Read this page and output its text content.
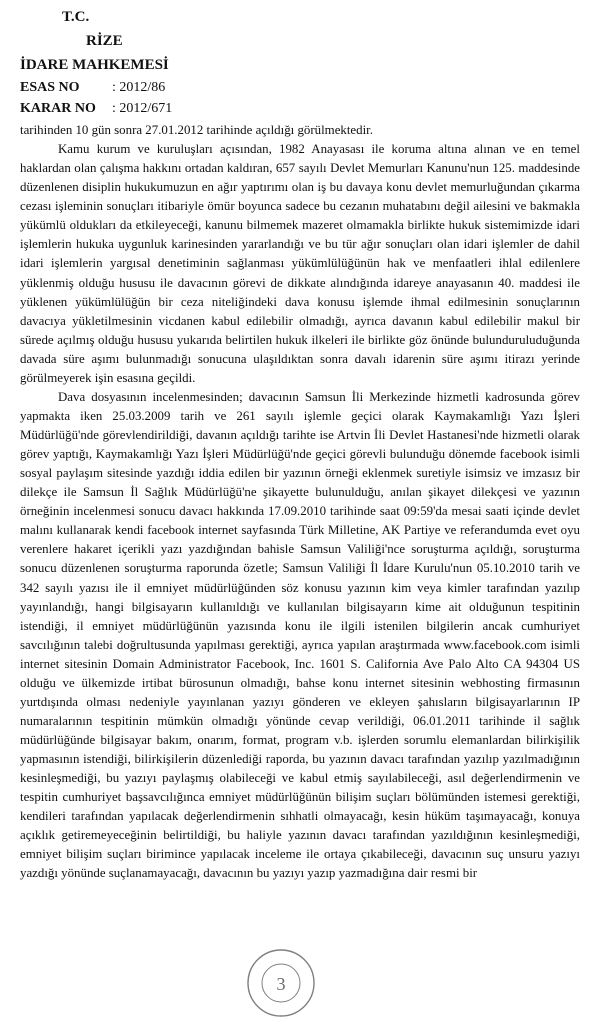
T.C.
RİZE
İDARE MAHKEMESİ
ESAS NO : 2012/86
KARAR NO : 2012/671

tarihinden 10 gün sonra 27.01.2012 tarihinde açıldığı görülmektedir.

Kamu kurum ve kuruluşları açısından, 1982 Anayasası ile koruma altına alınan ve en temel haklardan olan çalışma hakkını ortadan kaldıran, 657 sayılı Devlet Memurları Kanunu'nun 125. maddesinde düzenlenen disiplin hukukumuzun en ağır yaptırımı olan iş bu davaya konu devlet memurluğundan çıkarma cezası işleminin sonuçları itibariyle ömür boyunca sadece bu cezanın muhatabını değil ailesini ve bakmakla yükümlü oldukları da etkileyeceği, kanunu bilmemek mazeret olmamakla birlikte hukuk sistemimizde idari işlemlerin hukuka uygunluk karinesinden yararlandığı ve bu tür ağır sonuçları olan idari işlemler de dahil idari işlemlerin yargısal denetiminin sağlanması yükümlülüğünün hak ve menfaatleri ihlal edilenlere yüklenmiş olduğu hususu ile davacının görevi de dikkate alındığında idareye anayasanın 40. maddesi ile yüklenen yükümlülüğün bir ceza niteliğindeki dava konusu işlemde ihmal edilmesinin sonuçlarının davacıya yükletilmesinin vicdanen kabul edilebilir olmadığı, ayrıca davanın kabul edilebilir makul bir sürede açılmış olduğu hususu yukarıda belirtilen hukuk ilkeleri ile birlikte göz önünde bulunduruluduğunda davada süre aşımı bulunmadığı sonucuna ulaşıldıktan sonra davalı idarenin süre aşımı itirazı yerinde görülmeyerek işin esasına geçildi.

Dava dosyasının incelenmesinden; davacının Samsun İli Merkezinde hizmetli kadrosunda görev yapmakta iken 25.03.2009 tarih ve 261 sayılı işlemle geçici olarak Kaymakamlığı Yazı İşleri Müdürlüğü'nde görevlendirildiği, davanın açıldığı tarihte ise Artvin İli Devlet Hastanesi'nde hizmetli olarak görev yaptığı, Kaymakamlığı Yazı İşleri Müdürlüğü'nde geçici görevli bulunduğu dönemde facebook isimli sosyal paylaşım sitesinde yazdığı iddia edilen bir yazının örneği eklenmek suretiyle isimsiz ve imzasız bir dilekçe ile Samsun İl Sağlık Müdürlüğü'ne şikayette bulunulduğu, anılan şikayet dilekçesi ve yazının örneğinin incelenmesi sonucu davacı hakkında 17.09.2010 tarihinde saat 09:59'da mesai saati içinde devlet malını kullanarak kendi facebook internet sayfasında Türk Milletine, AK Partiye ve referandumda evet oyu verenlere hakaret içerikli yazı yazdığından bahisle Samsun Valiliği'nce soruşturma açıldığı, soruşturma sonucu düzenlenen soruşturma raporunda özetle; Samsun Valiliği İl İdare Kurulu'nun 05.10.2010 tarih ve 342 sayılı yazısı ile il emniyet müdürlüğünden söz konusu yazının kim veya kimler tarafından yazılıp yayınlandığı, hangi bilgisayarın kullanıldığı ve kullanılan bilgisayarın kime ait olduğunun tespitinin istendiği, il emniyet müdürlüğünün yazısında konu ile ilgili istenilen bilgilerin ancak cumhuriyet savcılığının talebi doğrultusunda yapılması gerektiği, ayrıca yapılan araştırmada www.facebook.com isimli internet sitesinin Domain Administrator Facebook, Inc. 1601 S. California Ave Palo Alto CA 94304 US olduğu ve ülkemizde irtibat bürosunun olmadığı, bahse konu internet sitesinin webhosting firmasının yurtdışında olması nedeniyle yayınlanan yazıyı gönderen ve ekleyen şahısların bilgisayarlarının IP numaralarının tespitinin mümkün olmadığı yönünde cevap verildiği, 06.01.2011 tarihinde il sağlık müdürlüğünde bilgisayar bakım, onarım, format, program v.b. işlerden sorumlu elemanlardan bilirkişilik yapmasının istendiği, bilirkişilerin düzenlediği raporda, bu yazının davacı tarafından yazılıp yazılmadığının kesinleşmediği, bu yazıyı paylaşmış olabileceği ve kabul etmiş sayılabileceği, asıl değerlendirmenin ve tespitin cumhuriyet başsavcılığınca emniyet müdürlüğünün bilişim suçları bölümünden istemesi gerektiği, kendileri tarafından yapılacak değerlendirmenin sıhhatli olmayacağı, kesin hüküm taşımayacağı, konuya açıklık getiremeyeceğinin belirtildiği, bu haliyle yazının davacı tarafından yazıldığının kesinleşmediği, emniyet bilişim suçları birimince yapılacak inceleme ile ortaya çıkabileceği, davacının suç unsuru yazıyı yazdığı yönünde suçlanamayacağı, davacının bu yazıyı yazıp yazmadığına dair resmi bir

3
